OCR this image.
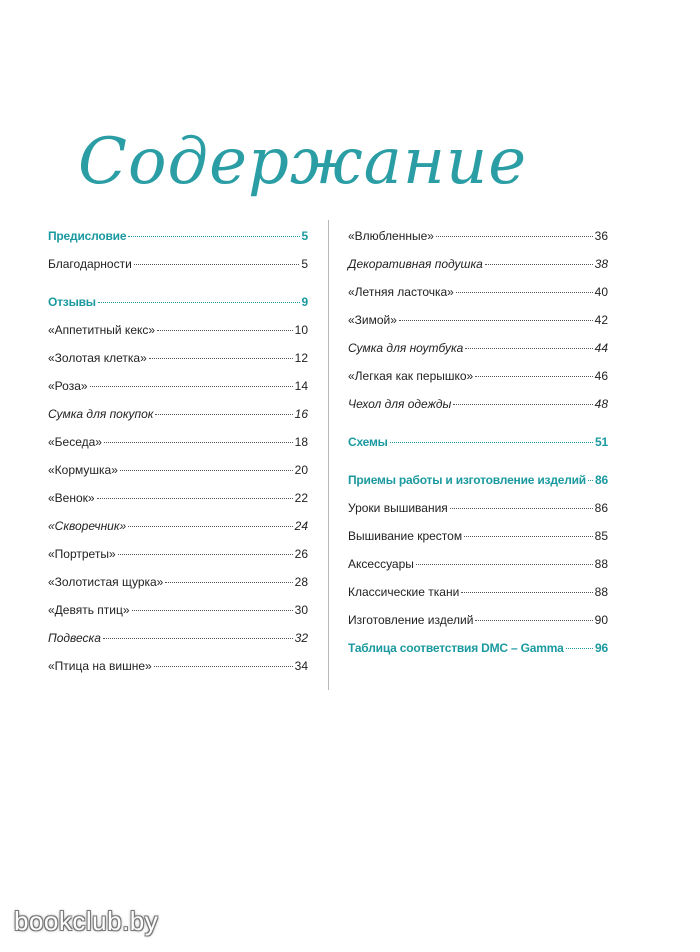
Содержание
Предисловие	5
Благодарности	5
Отзывы	9
«Аппетитный кекс»	10
«Золотая клетка»	12
«Роза»	14
Сумка для покупок	16
«Беседа»	18
«Кормушка»	20
«Венок»	22
«Скворечник»	24
«Портреты»	26
«Золотистая щурка»	28
«Девять птиц»	30
Подвеска	32
«Птица на вишне»	34
«Влюбленные»	36
Декоративная подушка	38
«Летняя ласточка»	40
«Зимой»	42
Сумка для ноутбука	44
«Легкая как перышко»	46
Чехол для одежды	48
Схемы	51
Приемы работы и изготовление изделий 86
Уроки вышивания	86
Вышивание крестом	85
Аксессуары	88
Классические ткани	88
Изготовление изделий	90
Таблица соответствия DMC – Gamma	96
bookclub.by
